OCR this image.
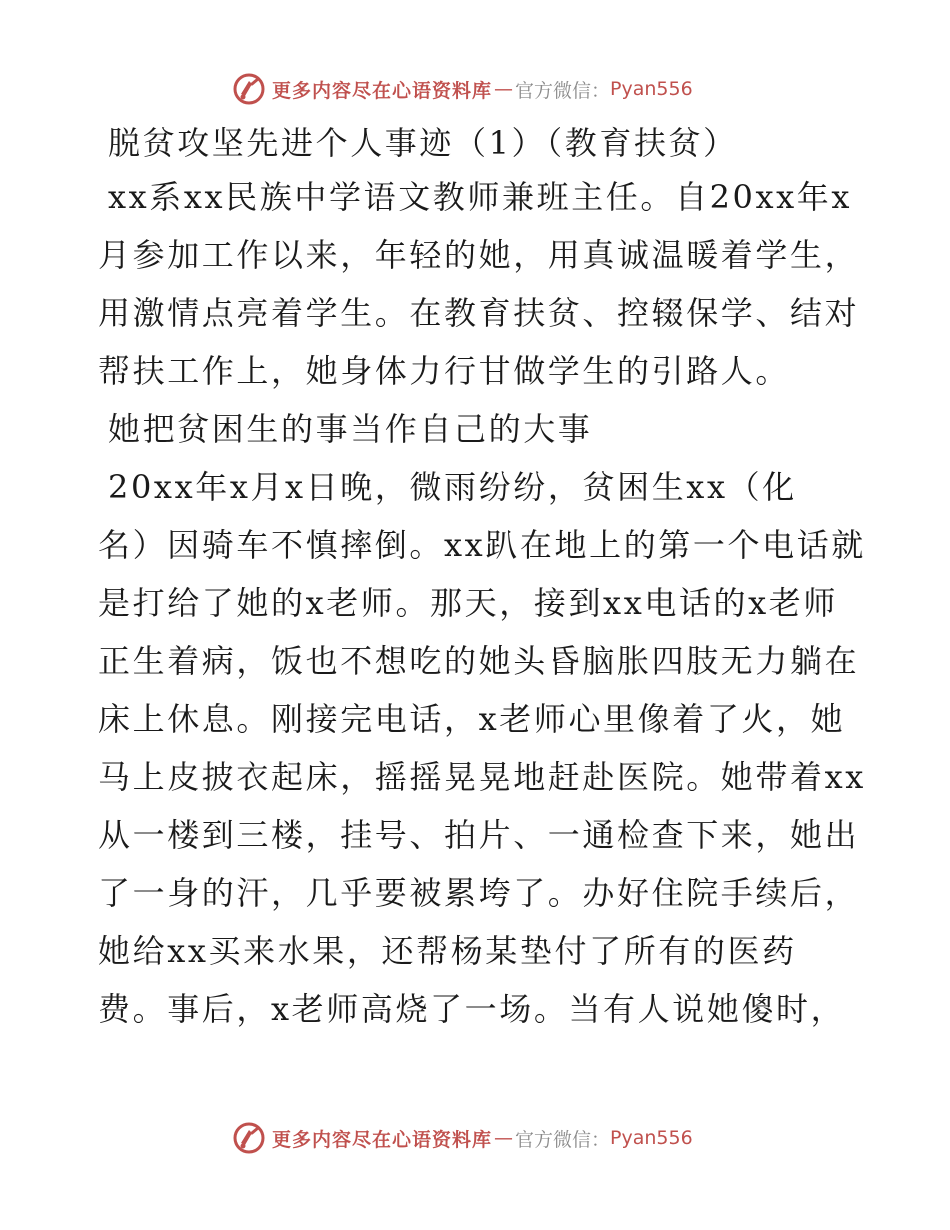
更多内容尽在心语资料库 — 官方微信： Pyan556

脱贫攻坚先进个人事迹（1）（教育扶贫）

xx系xx民族中学语文教师兼班主任。自20xx年x

月参加工作以来，年轻的她，用真诚温暖着学生，

用激情点亮着学生。在教育扶贫、控辍保学、结对

帮扶工作上，她身体力行甘做学生的引路人。

她把贫困生的事当作自己的大事

20xx年x月x日晚，微雨纷纷，贫困生xx（化

名）因骑车不慎摔倒。xx趴在地上的第一个电话就

是打给了她的x老师。那天，接到xx电话的x老师

正生着病，饭也不想吃的她头昏脑胀四肢无力躺在

床上休息。刚接完电话，x老师心里像着了火，她

马上皮披衣起床，摇摇晃晃地赶赴医院。她带着xx

从一楼到三楼，挂号、拍片、一通检查下来，她出

了一身的汗，几乎要被累垮了。办好住院手续后，

她给xx买来水果，还帮杨某垫付了所有的医药

费。事后，x老师高烧了一场。当有人说她傻时，

更多内容尽在心语资料库 — 官方微信： Pyan556
